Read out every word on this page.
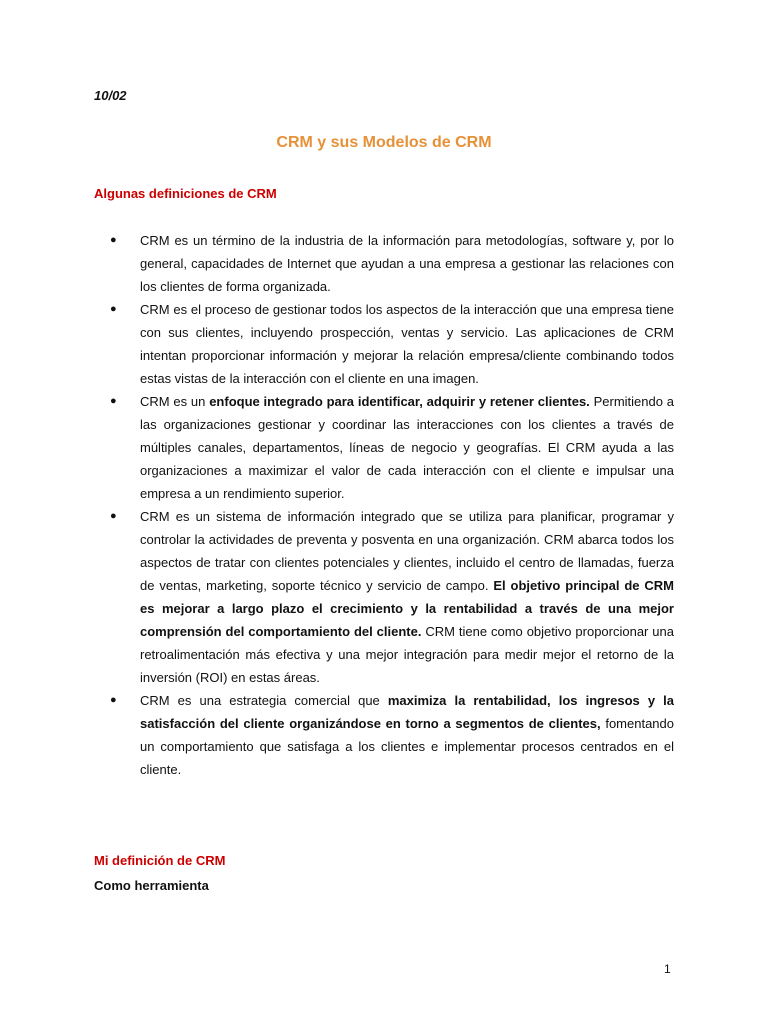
10/02
CRM y sus Modelos de CRM
Algunas definiciones de CRM
●	CRM es un término de la industria de la información para metodologías, software y, por lo general, capacidades de Internet que ayudan a una empresa a gestionar las relaciones con los clientes de forma organizada.
●	CRM es el proceso de gestionar todos los aspectos de la interacción que una empresa tiene con sus clientes, incluyendo prospección, ventas y servicio. Las aplicaciones de CRM intentan proporcionar información y mejorar la relación empresa/cliente combinando todos estas vistas de la interacción con el cliente en una imagen.
●	CRM es un enfoque integrado para identificar, adquirir y retener clientes. Permitiendo a las organizaciones gestionar y coordinar las interacciones con los clientes a través de múltiples canales, departamentos, líneas de negocio y geografías. El CRM ayuda a las organizaciones a maximizar el valor de cada interacción con el cliente e impulsar una empresa a un rendimiento superior.
●	CRM es un sistema de información integrado que se utiliza para planificar, programar y controlar la actividades de preventa y posventa en una organización. CRM abarca todos los aspectos de tratar con clientes potenciales y clientes, incluido el centro de llamadas, fuerza de ventas, marketing, soporte técnico y servicio de campo. El objetivo principal de CRM es mejorar a largo plazo el crecimiento y la rentabilidad a través de una mejor comprensión del comportamiento del cliente. CRM tiene como objetivo proporcionar una retroalimentación más efectiva y una mejor integración para medir mejor el retorno de la inversión (ROI) en estas áreas.
●	CRM es una estrategia comercial que maximiza la rentabilidad, los ingresos y la satisfacción del cliente organizándose en torno a segmentos de clientes, fomentando un comportamiento que satisfaga a los clientes e implementar procesos centrados en el cliente.
Mi definición de CRM
Como herramienta
1
